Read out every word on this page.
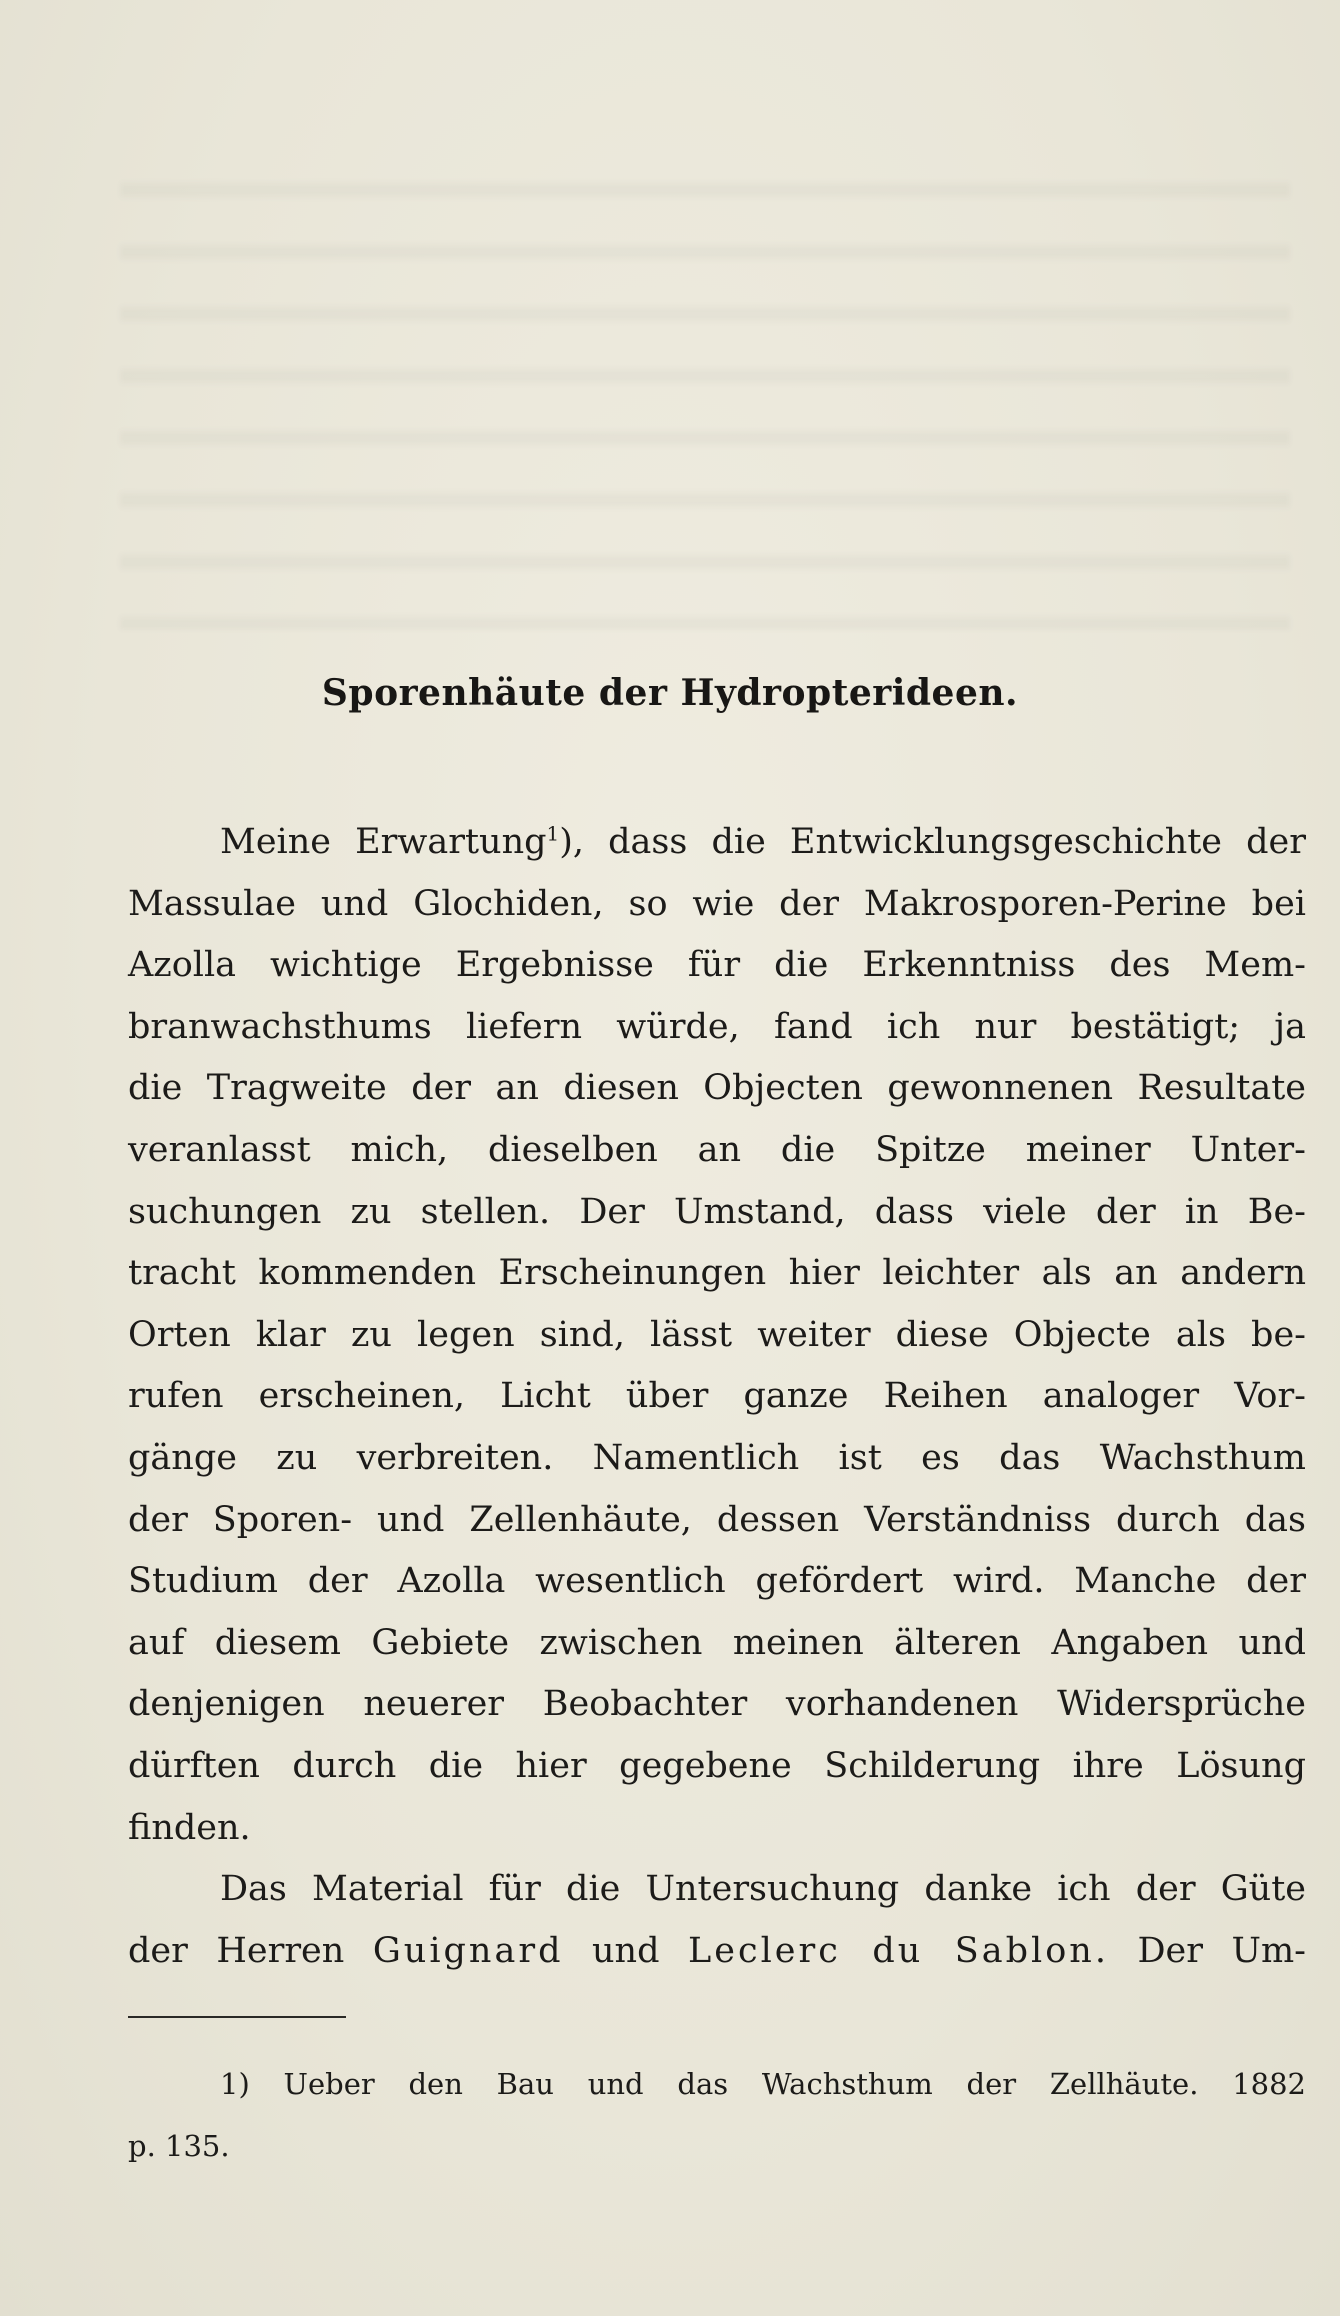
Sporenhäute der Hydropterideen.
Meine Erwartung$^1$), dass die Entwicklungsgeschichte der
Massulae und Glochiden, so wie der Makrosporen-Perine bei
Azolla wichtige Ergebnisse für die Erkenntniss des Mem-
branwachsthums liefern würde, fand ich nur bestätigt; ja
die Tragweite der an diesen Objecten gewonnenen Resultate
veranlasst mich, dieselben an die Spitze meiner Unter-
suchungen zu stellen. Der Umstand, dass viele der in Be-
tracht kommenden Erscheinungen hier leichter als an andern
Orten klar zu legen sind, lässt weiter diese Objecte als be-
rufen erscheinen, Licht über ganze Reihen analoger Vor-
gänge zu verbreiten. Namentlich ist es das Wachsthum
der Sporen- und Zellenhäute, dessen Verständniss durch das
Studium der Azolla wesentlich gefördert wird. Manche der
auf diesem Gebiete zwischen meinen älteren Angaben und
denjenigen neuerer Beobachter vorhandenen Widersprüche
dürften durch die hier gegebene Schilderung ihre Lösung
finden.
Das Material für die Untersuchung danke ich der Güte
der Herren Guignard und Leclerc du Sablon. Der Um-
1) Ueber den Bau und das Wachsthum der Zellhäute. 1882
p. 135.
